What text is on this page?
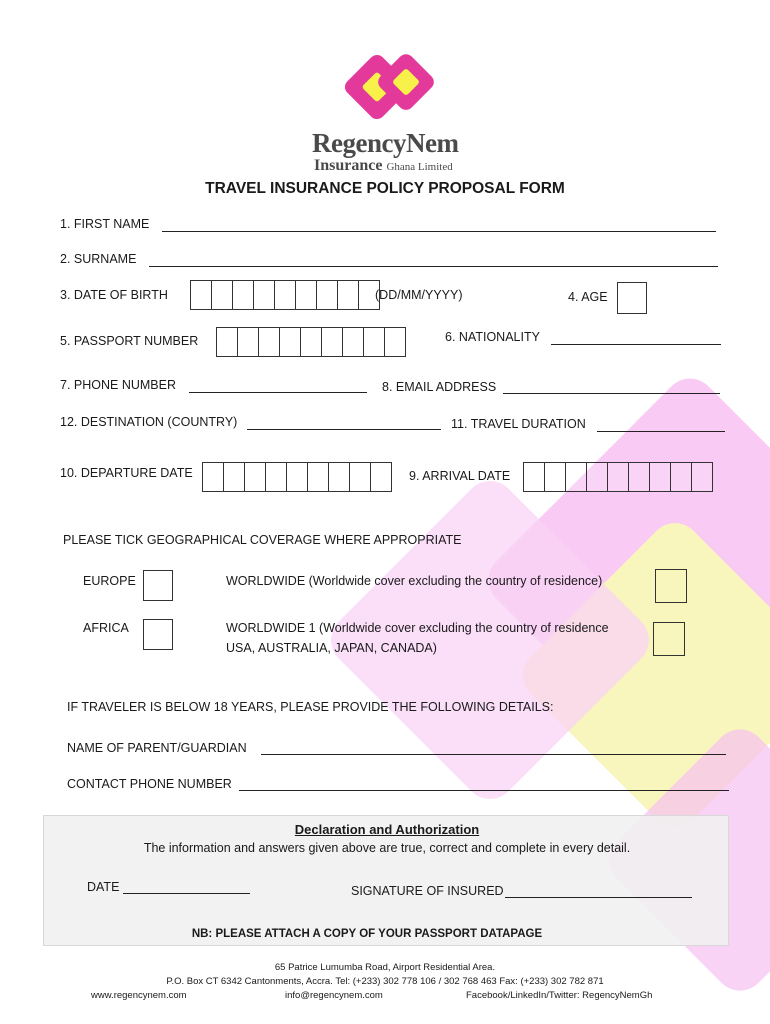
RegencyNem
Insurance Ghana Limited
TRAVEL INSURANCE POLICY PROPOSAL FORM
1. FIRST NAME
2. SURNAME
3. DATE OF BIRTH	(DD/MM/YYYY)	4. AGE
5. PASSPORT NUMBER	6. NATIONALITY
7. PHONE NUMBER	8. EMAIL ADDRESS
12. DESTINATION (COUNTRY)	11. TRAVEL DURATION
10. DEPARTURE DATE	9. ARRIVAL DATE
PLEASE TICK GEOGRAPHICAL COVERAGE WHERE APPROPRIATE
EUROPE	WORLDWIDE (Worldwide cover excluding the country of residence)
AFRICA	WORLDWIDE 1 (Worldwide cover excluding the country of residence
USA, AUSTRALIA, JAPAN, CANADA)
IF TRAVELER IS BELOW 18 YEARS, PLEASE PROVIDE THE FOLLOWING DETAILS:
NAME OF PARENT/GUARDIAN
CONTACT PHONE NUMBER
Declaration and Authorization
The information and answers given above are true, correct and complete in every detail.
DATE	SIGNATURE OF INSURED
NB: PLEASE ATTACH A COPY OF YOUR PASSPORT DATAPAGE
65 Patrice Lumumba Road, Airport Residential Area.
P.O. Box CT 6342 Cantonments, Accra. Tel: (+233) 302 778 106 / 302 768 463 Fax: (+233) 302 782 871
www.regencynem.com	info@regencynem.com	Facebook/LinkedIn/Twitter: RegencyNemGh
